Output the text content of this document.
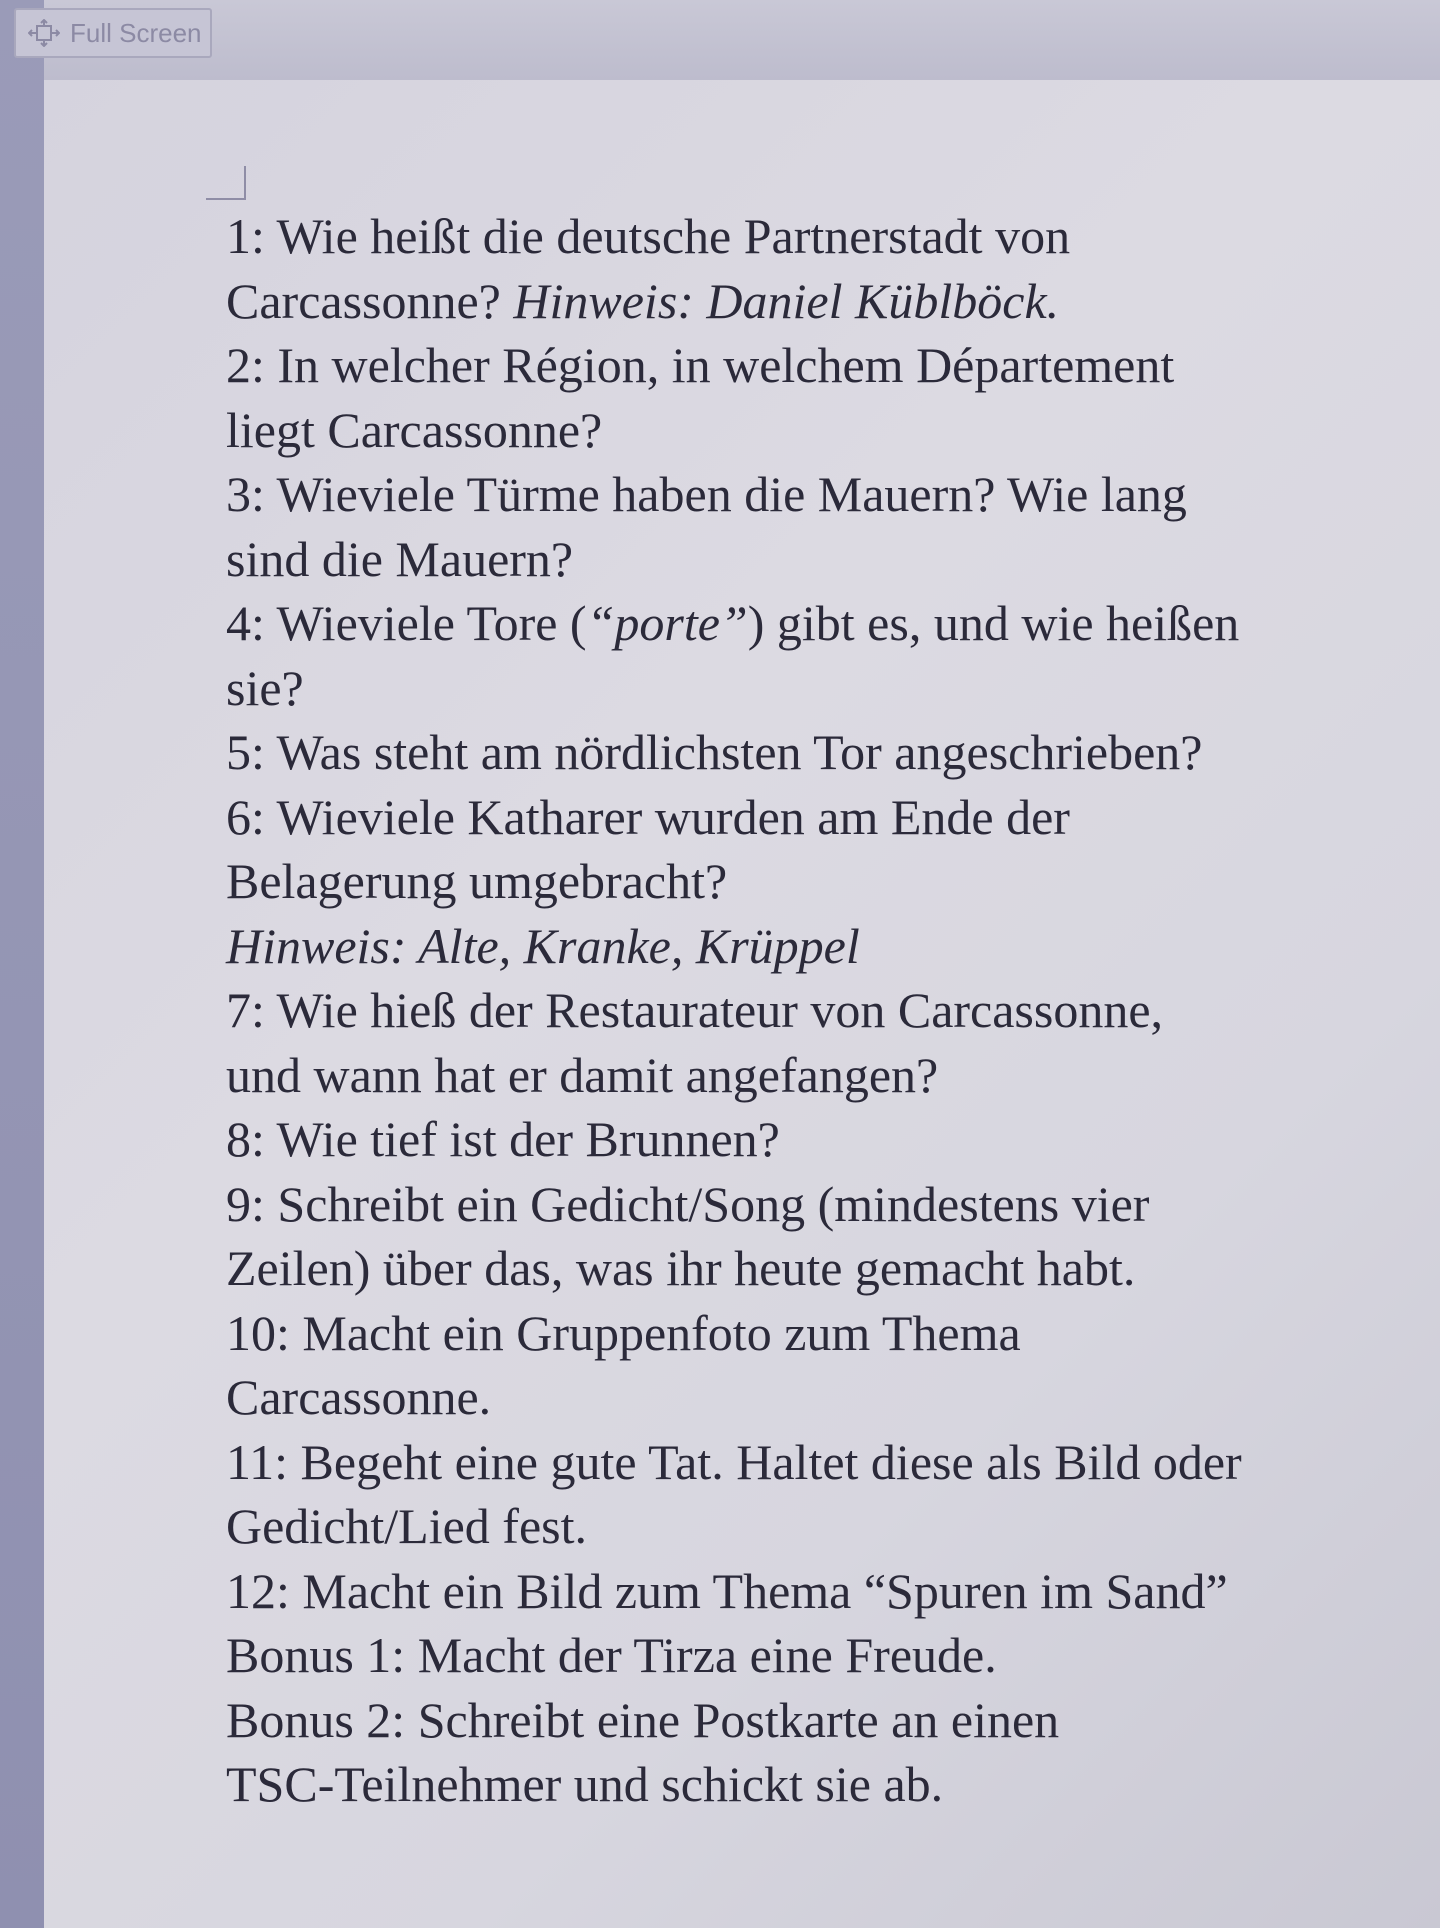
Full Screen
1: Wie heißt die deutsche Partnerstadt von
Carcassonne? Hinweis: Daniel Küblböck.
2: In welcher Région, in welchem Département
liegt Carcassonne?
3: Wieviele Türme haben die Mauern? Wie lang
sind die Mauern?
4: Wieviele Tore (“porte”) gibt es, und wie heißen
sie?
5: Was steht am nördlichsten Tor angeschrieben?
6: Wieviele Katharer wurden am Ende der
Belagerung umgebracht?
Hinweis: Alte, Kranke, Krüppel
7: Wie hieß der Restaurateur von Carcassonne,
und wann hat er damit angefangen?
8: Wie tief ist der Brunnen?
9: Schreibt ein Gedicht/Song (mindestens vier
Zeilen) über das, was ihr heute gemacht habt.
10: Macht ein Gruppenfoto zum Thema
Carcassonne.
11: Begeht eine gute Tat. Haltet diese als Bild oder
Gedicht/Lied fest.
12: Macht ein Bild zum Thema “Spuren im Sand”
Bonus 1: Macht der Tirza eine Freude.
Bonus 2: Schreibt eine Postkarte an einen
TSC-Teilnehmer und schickt sie ab.
